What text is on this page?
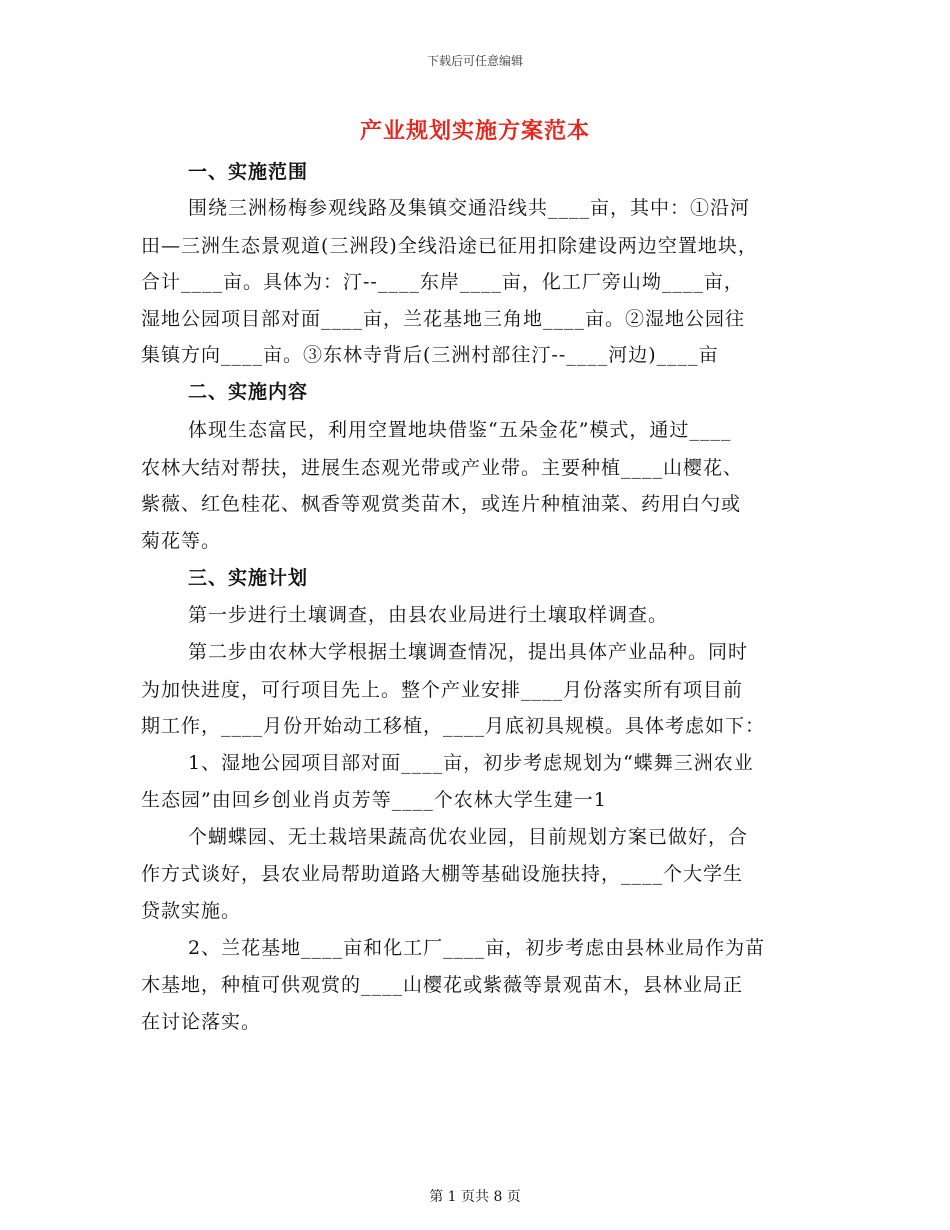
下载后可任意编辑
产业规划实施方案范本
一、实施范围
围绕三洲杨梅参观线路及集镇交通沿线共____亩，其中：①沿河
田—三洲生态景观道(三洲段)全线沿途已征用扣除建设两边空置地块，
合计____亩。具体为：汀--____东岸____亩，化工厂旁山坳____亩，
湿地公园项目部对面____亩，兰花基地三角地____亩。②湿地公园往
集镇方向____亩。③东林寺背后(三洲村部往汀--____河边)____亩
二、实施内容
体现生态富民，利用空置地块借鉴“五朵金花”模式，通过____
农林大结对帮扶，进展生态观光带或产业带。主要种植____山樱花、
紫薇、红色桂花、枫香等观赏类苗木，或连片种植油菜、药用白勺或
菊花等。
三、实施计划
第一步进行土壤调查，由县农业局进行土壤取样调查。
第二步由农林大学根据土壤调查情况，提出具体产业品种。同时
为加快进度，可行项目先上。整个产业安排____月份落实所有项目前
期工作，____月份开始动工移植，____月底初具规模。具体考虑如下：
1、湿地公园项目部对面____亩，初步考虑规划为“蝶舞三洲农业
生态园”由回乡创业肖贞芳等____个农林大学生建一1
个蝴蝶园、无土栽培果蔬高优农业园，目前规划方案已做好，合
作方式谈好，县农业局帮助道路大棚等基础设施扶持，____个大学生
贷款实施。
2、兰花基地____亩和化工厂____亩，初步考虑由县林业局作为苗
木基地，种植可供观赏的____山樱花或紫薇等景观苗木，县林业局正
在讨论落实。
第 1 页共 8 页
